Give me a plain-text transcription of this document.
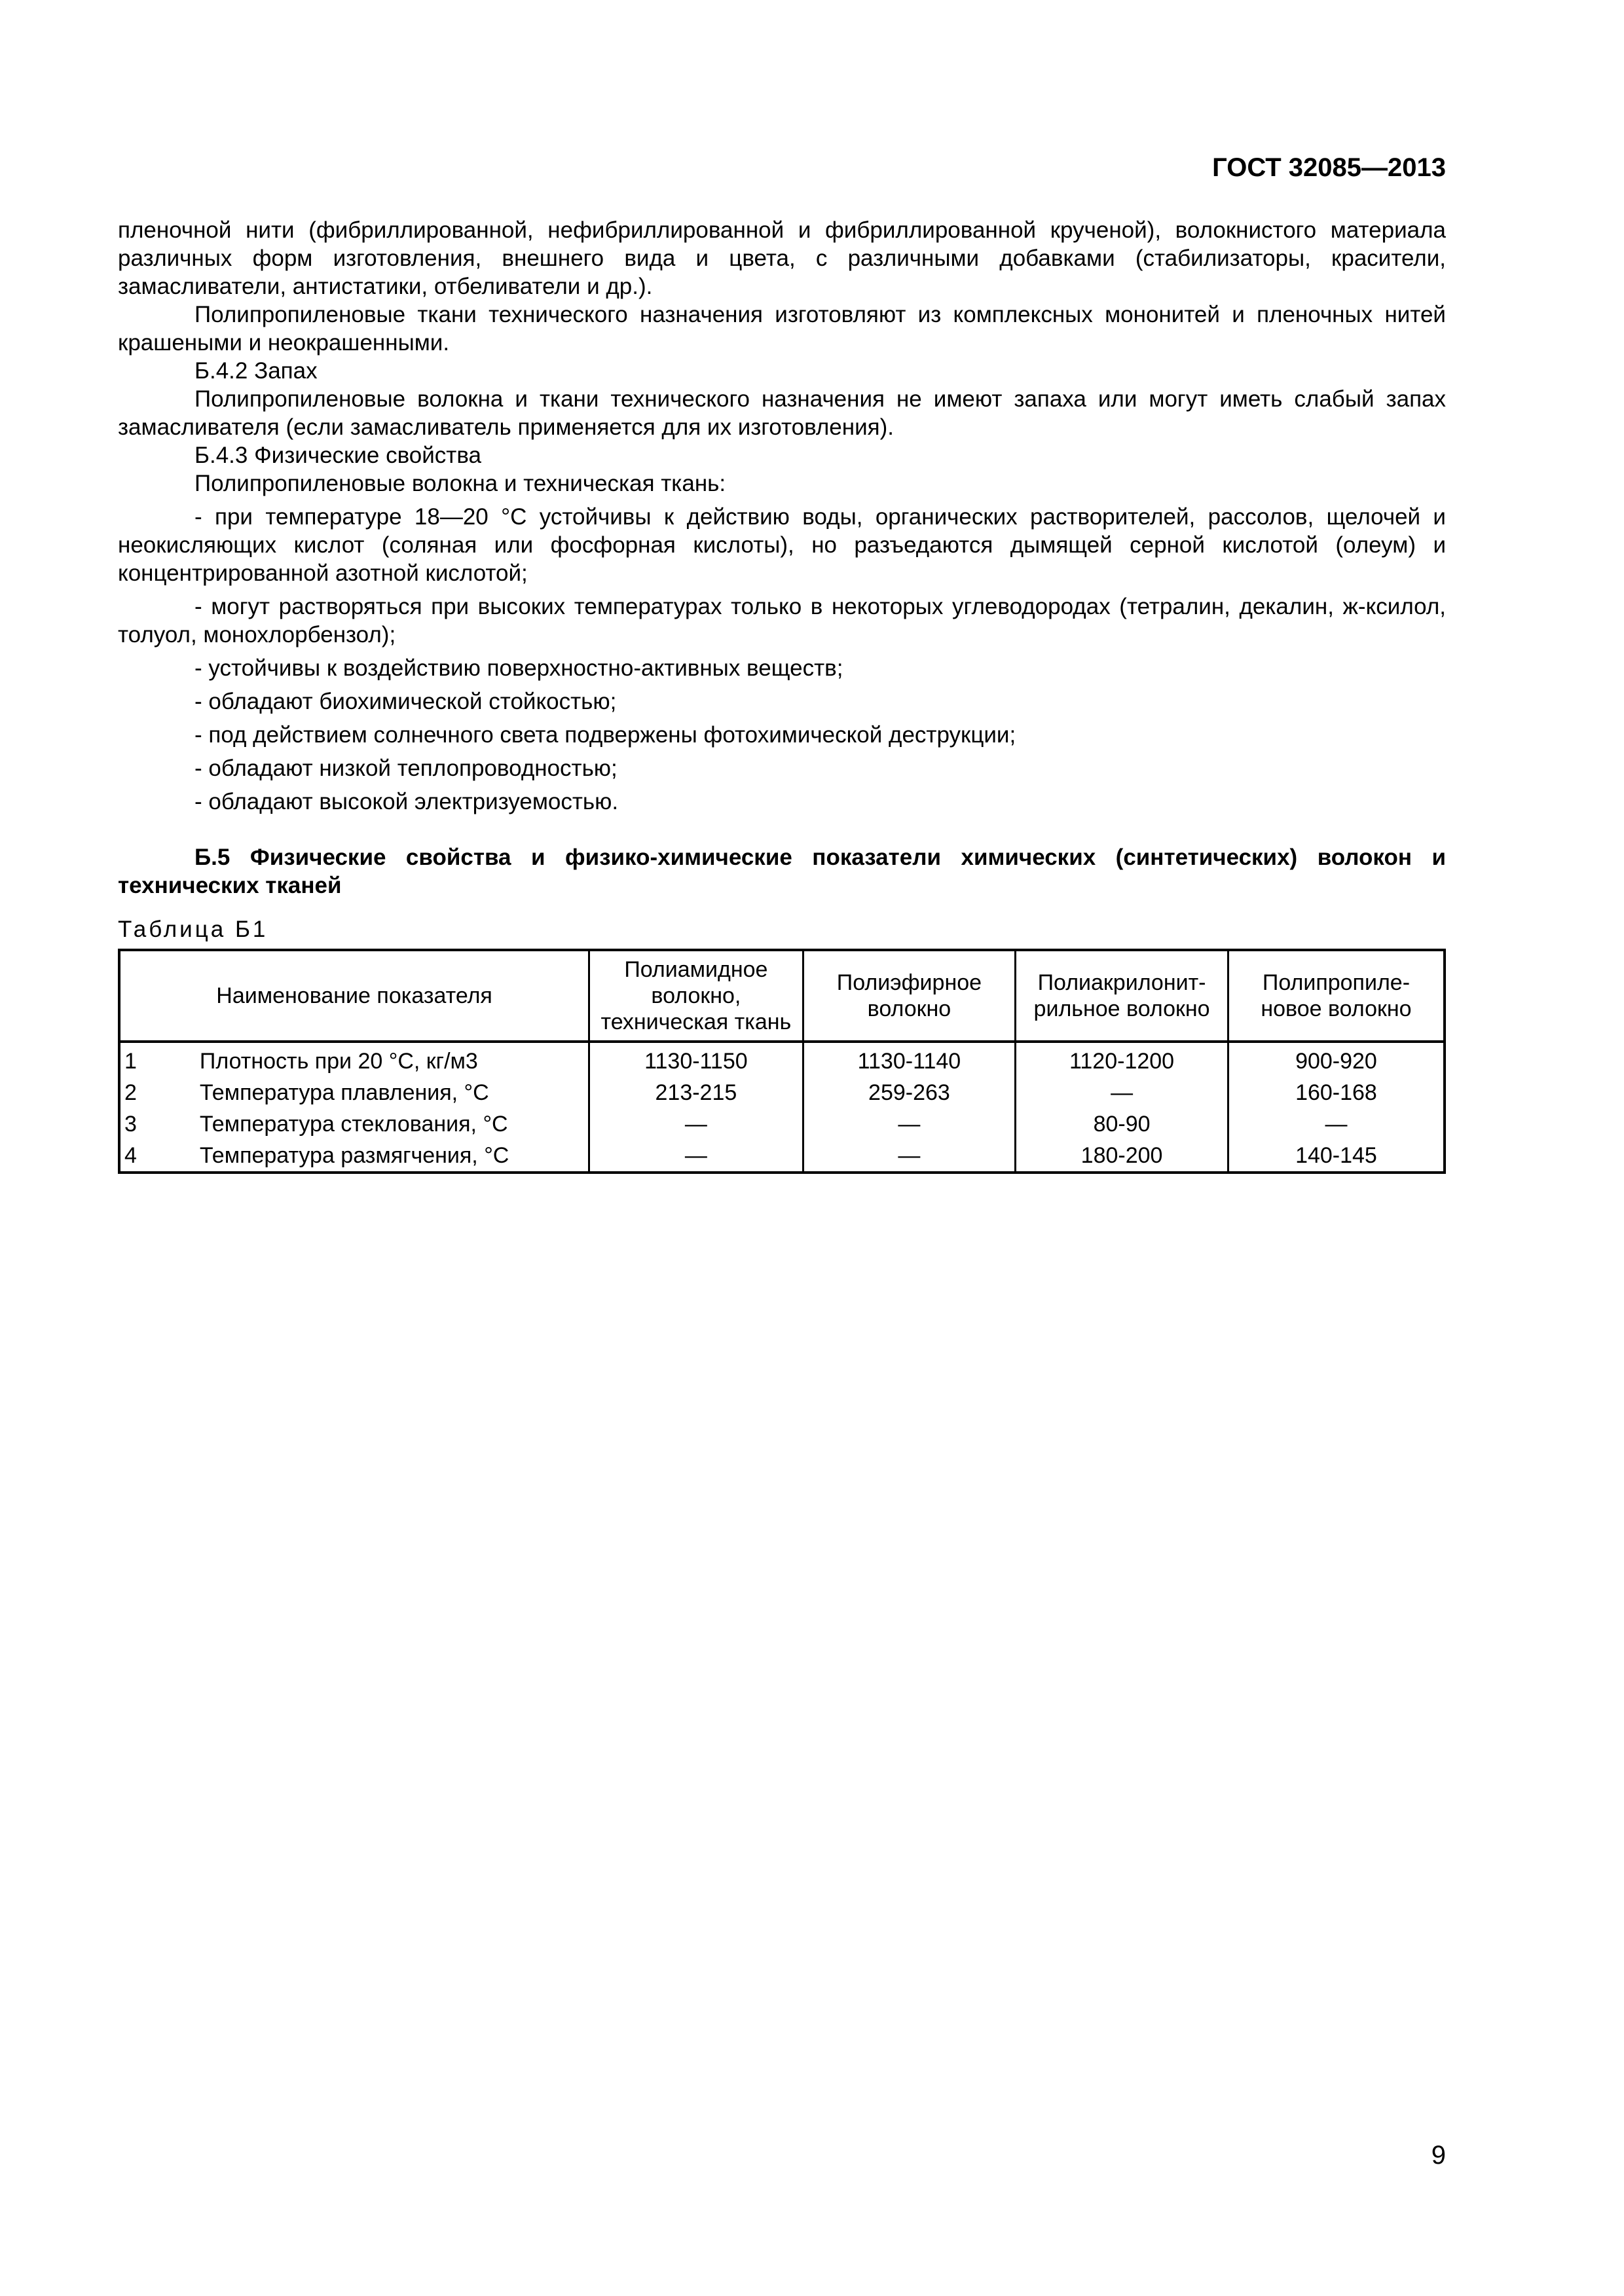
ГОСТ 32085—2013

пленочной нити (фибриллированной, нефибриллированной и фибриллированной крученой), волокнистого материала различных форм изготовления, внешнего вида и цвета, с различными добавками (стабилизаторы, красители, замасливатели, антистатики, отбеливатели и др.).

Полипропиленовые ткани технического назначения изготовляют из комплексных мононитей и пленочных нитей крашеными и неокрашенными.

Б.4.2 Запах

Полипропиленовые волокна и ткани технического назначения не имеют запаха или могут иметь слабый запах замасливателя (если замасливатель применяется для их изготовления).

Б.4.3 Физические свойства

Полипропиленовые волокна и техническая ткань:

- при температуре 18—20 °С устойчивы к действию воды, органических растворителей, рассолов, щелочей и неокисляющих кислот (соляная или фосфорная кислоты), но разъедаются дымящей серной кислотой (олеум) и концентрированной азотной кислотой;

- могут растворяться при высоких температурах только в некоторых углеводородах (тетралин, декалин, ж-ксилол, толуол, монохлорбензол);

- устойчивы к воздействию поверхностно-активных веществ;

- обладают биохимической стойкостью;

- под действием солнечного света подвержены фотохимической деструкции;

- обладают низкой теплопроводностью;

- обладают высокой электризуемостью.

Б.5 Физические свойства и физико-химические показатели химических (синтетических) волокон и технических тканей

Таблица Б1

Наименование показателя	Полиамидное волокно, техническая ткань	Полиэфирное волокно	Полиакрилонит-рильное волокно	Полипропиле-новое волокно
1 Плотность при 20 °С, кг/м3	1130-1150	1130-1140	1120-1200	900-920
2 Температура плавления, °С	213-215	259-263	—	160-168
3 Температура стеклования, °С	—	—	80-90	—
4 Температура размягчения, °С	—	—	180-200	140-145
9
